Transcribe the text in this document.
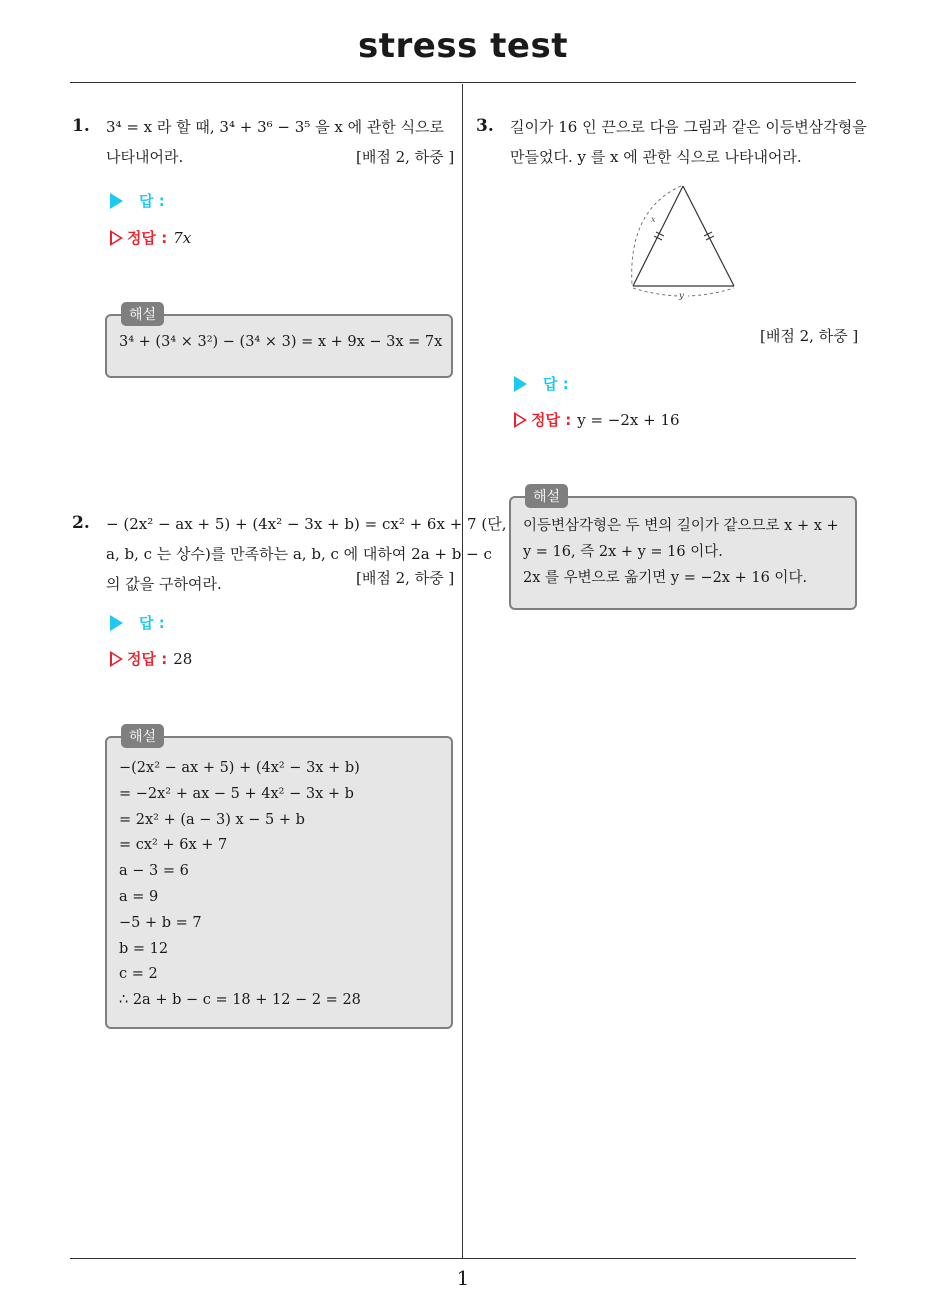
stress test
1
1. 3⁴ = x 라 할 때, 3⁴ + 3⁶ − 3⁵ 을 x 에 관한 식으로
나타내어라.	[배점 2, 하중 ]
답 :
정답 : 7x
해설
3⁴ + (3⁴ × 3²) − (3⁴ × 3) = x + 9x − 3x = 7x
2. − (2x² − ax + 5) + (4x² − 3x + b) = cx² + 6x + 7 (단,
a, b, c 는 상수)를 만족하는 a, b, c 에 대하여 2a + b − c
의 값을 구하여라.	[배점 2, 하중 ]
답 :
정답 : 28
해설
−(2x² − ax + 5) + (4x² − 3x + b)
= −2x² + ax − 5 + 4x² − 3x + b
= 2x² + (a − 3) x − 5 + b
= cx² + 6x + 7
a − 3 = 6
a = 9
−5 + b = 7
b = 12
c = 2
∴ 2a + b − c = 18 + 12 − 2 = 28
3. 길이가 16 인 끈으로 다음 그림과 같은 이등변삼각형을
만들었다. y 를 x 에 관한 식으로 나타내어라.
x
y
[배점 2, 하중 ]
답 :
정답 : y = −2x + 16
해설
이등변삼각형은 두 변의 길이가 같으므로 x + x +
y = 16, 즉 2x + y = 16 이다.
2x 를 우변으로 옮기면 y = −2x + 16 이다.
